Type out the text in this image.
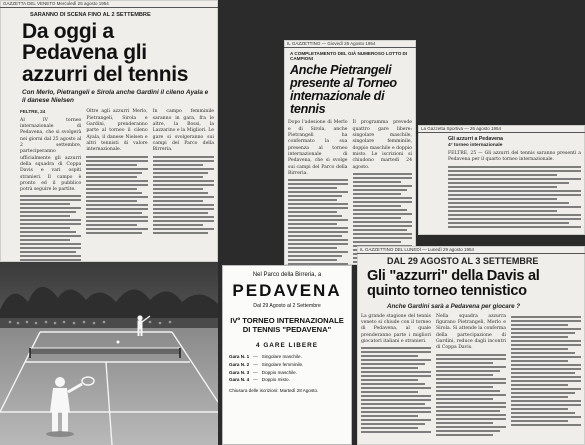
GAZZETTA DEL VENETO Mercoledì 25 agosto 1954
SARANNO DI SCENA FINO AL 2 SETTEMBRE
Da oggi a Pedavena gli azzurri del tennis
Con Merlo, Pietrangeli e Sirola anche Gardini il cileno Ayala e il danese Nielsen

FELTRE, 24

Al IV torneo internazionale di Pedavena, che si svolgerà nei giorni dal 25 agosto al 2 settembre, parteciperanno ufficialmente gli azzurri della squadra di Coppa Davis e vari ospiti stranieri. Il campo è pronto ed il pubblico potrà seguire le partite.

Oltre agli azzurri Merlo, Pietrangeli, Sirola e Gardini, prenderanno parte al torneo il cileno Ayala, il danese Nielsen e altri tennisti di valore internazionale.

In campo femminile saranno in gara, fra le altre, la Bossi, la Lazzarino e la Migliori. Le gare si svolgeranno sui campi del Parco della Birreria.

IL GAZZETTINO — Giovedì 26 Agosto 1954
A COMPLETAMENTO DEL GIÀ NUMEROSO LOTTO DI CAMPIONI
Anche Pietrangeli presente al Torneo internazionale di tennis

Dopo l'adesione di Merlo e di Sirola, anche Pietrangeli ha confermato la sua presenza al torneo internazionale di Pedavena, che si svolge sui campi del Parco della Birreria.

Il programma prevede quattro gare libere: singolare maschile, singolare femminile, doppio maschile e doppio misto. Le iscrizioni si chiudono martedì 24 agosto.

La Gazzetta Sportiva — 26 agosto 1954
Gli azzurri a Pedavena
4° torneo internazionale

FELTRE, 25 — Gli azzurri del tennis saranno presenti a Pedavena per il quarto torneo internazionale.

IL GAZZETTINO DEL LUNEDÌ — Lunedì 29 agosto 1954
DAL 29 AGOSTO AL 3 SETTEMBRE
Gli "azzurri" della Davis al quinto torneo tennistico
Anche Gardini sarà a Pedavena per giocare ?

La grande stagione del tennis veneto si chiude con il torneo di Pedavena, al quale prenderanno parte i migliori giocatori italiani e stranieri.

Nella squadra azzurra figurano Pietrangeli, Merlo e Sirola. Si attende la conferma della partecipazione di Gardini, reduce dagli incontri di Coppa Davis.

Nel Parco della Birreria, a
PEDAVENA
Dal 29 Agosto al 2 Settembre
IVº TORNEO INTERNAZIONALE DI TENNIS "PEDAVENA"
4 GARE LIBERE
Gara N. 1 — Singolare maschile.
Gara N. 2 — Singolare femminile.
Gara N. 3 — Doppio maschile.
Gara N. 4 — Doppio misto.
Chiusura delle iscrizioni: Martedì 28 Agosto.
